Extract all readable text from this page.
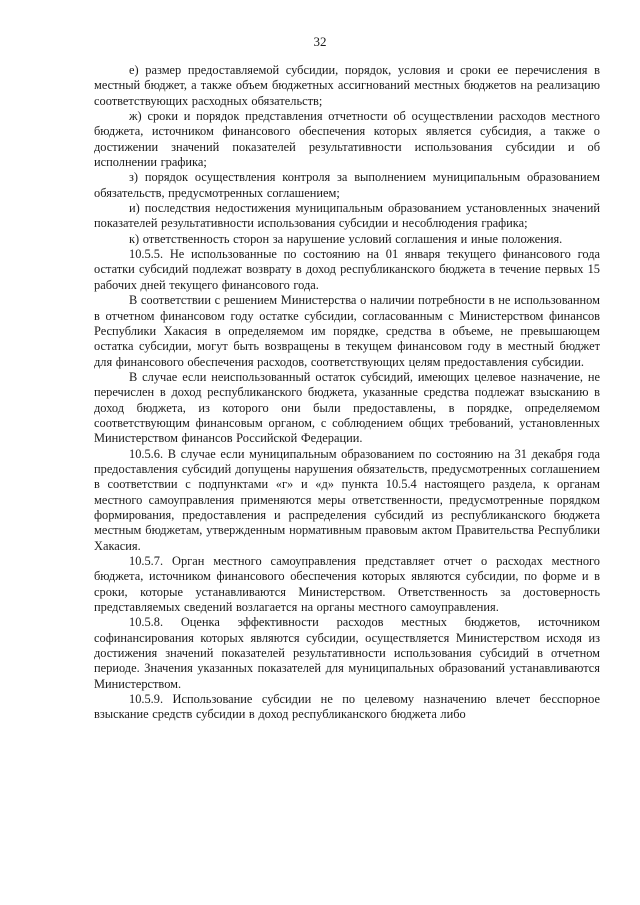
32

е) размер предоставляемой субсидии, порядок, условия и сроки ее перечисления в местный бюджет, а также объем бюджетных ассигнований местных бюджетов на реализацию соответствующих расходных обязательств;

ж) сроки и порядок представления отчетности об осуществлении расходов местного бюджета, источником финансового обеспечения которых является субсидия, а также о достижении значений показателей результативности использования субсидии и об исполнении графика;

з) порядок осуществления контроля за выполнением муниципальным образованием обязательств, предусмотренных соглашением;

и) последствия недостижения муниципальным образованием установленных значений показателей результативности использования субсидии и несоблюдения графика;

к) ответственность сторон за нарушение условий соглашения и иные положения.

10.5.5. Не использованные по состоянию на 01 января текущего финансового года остатки субсидий подлежат возврату в доход республиканского бюджета в течение первых 15 рабочих дней текущего финансового года.

В соответствии с решением Министерства о наличии потребности в не использованном в отчетном финансовом году остатке субсидии, согласованным с Министерством финансов Республики Хакасия в определяемом им порядке, средства в объеме, не превышающем остатка субсидии, могут быть возвращены в текущем финансовом году в местный бюджет для финансового обеспечения расходов, соответствующих целям предоставления субсидии.

В случае если неиспользованный остаток субсидий, имеющих целевое назначение, не перечислен в доход республиканского бюджета, указанные средства подлежат взысканию в доход бюджета, из которого они были предоставлены, в порядке, определяемом соответствующим финансовым органом, с соблюдением общих требований, установленных Министерством финансов Российской Федерации.

10.5.6. В случае если муниципальным образованием по состоянию на 31 декабря года предоставления субсидий допущены нарушения обязательств, предусмотренных соглашением в соответствии с подпунктами «г» и «д» пункта 10.5.4 настоящего раздела, к органам местного самоуправления применяются меры ответственности, предусмотренные порядком формирования, предоставления и распределения субсидий из республиканского бюджета местным бюджетам, утвержденным нормативным правовым актом Правительства Республики Хакасия.

10.5.7. Орган местного самоуправления представляет отчет о расходах местного бюджета, источником финансового обеспечения которых являются субсидии, по форме и в сроки, которые устанавливаются Министерством. Ответственность за достоверность представляемых сведений возлагается на органы местного самоуправления.

10.5.8. Оценка эффективности расходов местных бюджетов, источником софинансирования которых являются субсидии, осуществляется Министерством исходя из достижения значений показателей результативности использования субсидий в отчетном периоде. Значения указанных показателей для муниципальных образований устанавливаются Министерством.

10.5.9. Использование субсидии не по целевому назначению влечет бесспорное взыскание средств субсидии в доход республиканского бюджета либо
